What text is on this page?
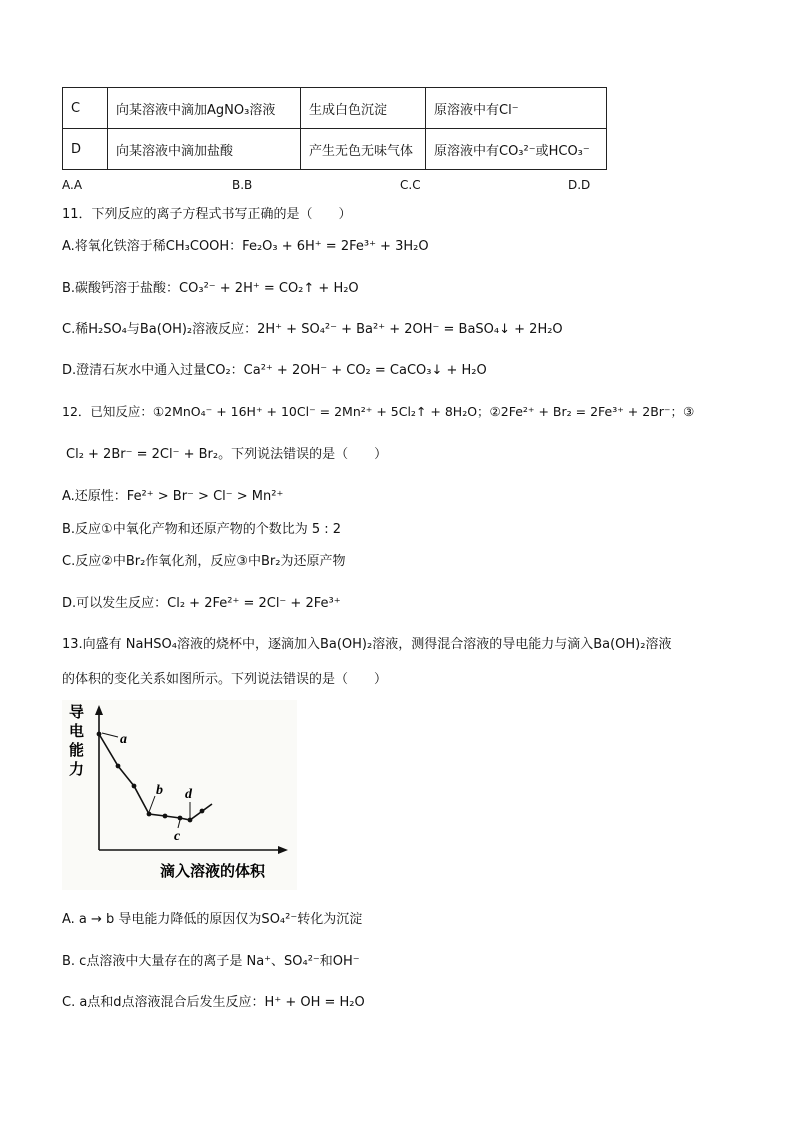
C	向某溶液中滴加AgNO₃溶液	生成白色沉淀	原溶液中有Cl⁻
D	向某溶液中滴加盐酸	产生无色无味气体	原溶液中有CO₃²⁻或HCO₃⁻
A.A	B.B	C.C	D.D
11．下列反应的离子方程式书写正确的是（　　）
A.将氧化铁溶于稀CH₃COOH：Fe₂O₃ + 6H⁺ = 2Fe³⁺ + 3H₂O
B.碳酸钙溶于盐酸：CO₃²⁻ + 2H⁺ = CO₂↑ + H₂O
C.稀H₂SO₄与Ba(OH)₂溶液反应：2H⁺ + SO₄²⁻ + Ba²⁺ + 2OH⁻ = BaSO₄↓ + 2H₂O
D.澄清石灰水中通入过量CO₂：Ca²⁺ + 2OH⁻ + CO₂ = CaCO₃↓ + H₂O
12．已知反应：①2MnO₄⁻ + 16H⁺ + 10Cl⁻ = 2Mn²⁺ + 5Cl₂↑ + 8H₂O；②2Fe²⁺ + Br₂ = 2Fe³⁺ + 2Br⁻；③
Cl₂ + 2Br⁻ = 2Cl⁻ + Br₂。下列说法错误的是（　　）
A.还原性：Fe²⁺ > Br⁻ > Cl⁻ > Mn²⁺
B.反应①中氧化产物和还原产物的个数比为 5 : 2
C.反应②中Br₂作氧化剂，反应③中Br₂为还原产物
D.可以发生反应：Cl₂ + 2Fe²⁺ = 2Cl⁻ + 2Fe³⁺
13.向盛有 NaHSO₄溶液的烧杯中，逐滴加入Ba(OH)₂溶液，测得混合溶液的导电能力与滴入Ba(OH)₂溶液
的体积的变化关系如图所示。下列说法错误的是（　　）
导
电
能
力
a
b
c
d
滴入溶液的体积
A. a → b 导电能力降低的原因仅为SO₄²⁻转化为沉淀
B. c点溶液中大量存在的离子是 Na⁺、SO₄²⁻和OH⁻
C. a点和d点溶液混合后发生反应：H⁺ + OH = H₂O
